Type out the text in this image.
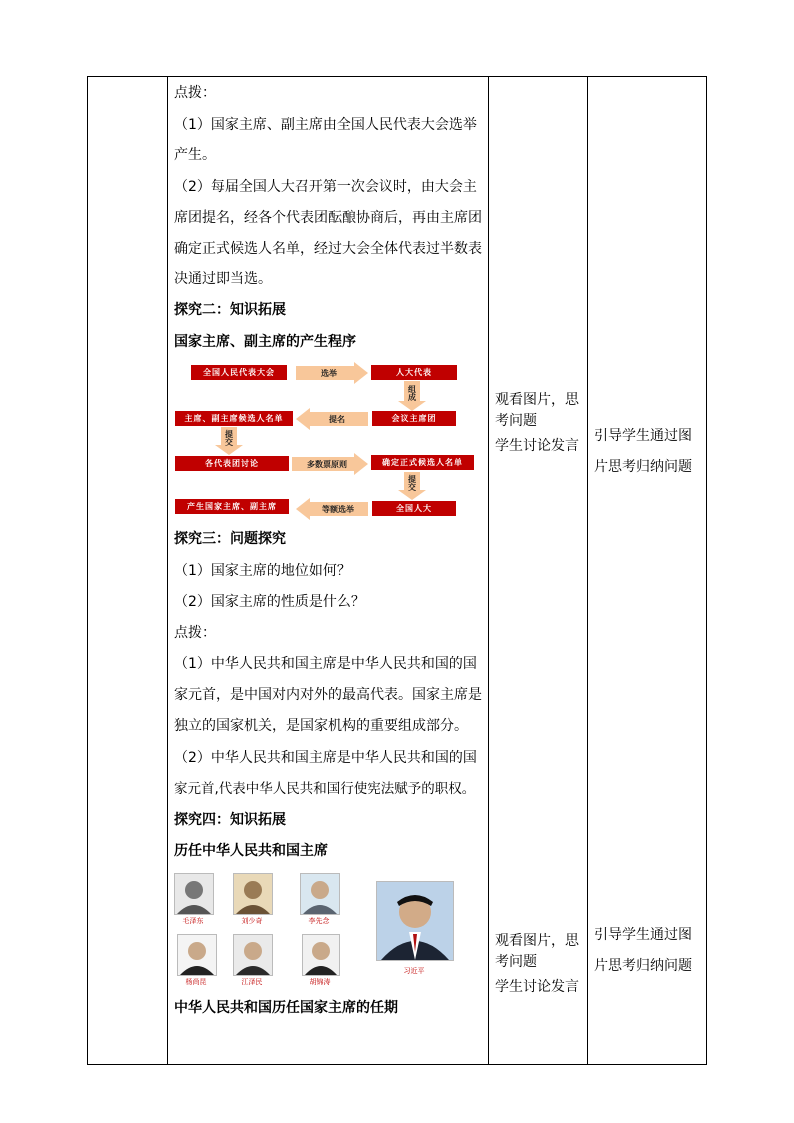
点拨：
（1）国家主席、副主席由全国人民代表大会选举
产生。
（2）每届全国人大召开第一次会议时，由大会主
席团提名，经各个代表团酝酿协商后，再由主席团
确定正式候选人名单，经过大会全体代表过半数表
决通过即当选。
探究二：知识拓展
国家主席、副主席的产生程序
全国人民代表大会	选举	人大代表
组成
会议主席团
提名
主席、副主席候选人名单
提交
各代表团讨论	多数票原则	确定正式候选人名单
提交
全国人大
等额选举
产生国家主席、副主席
探究三：问题探究
（1）国家主席的地位如何？
（2）国家主席的性质是什么？
点拨：
（1）中华人民共和国主席是中华人民共和国的国
家元首，是中国对内对外的最高代表。国家主席是
独立的国家机关，是国家机构的重要组成部分。
（2）中华人民共和国主席是中华人民共和国的国
家元首,代表中华人民共和国行使宪法赋予的职权。
探究四：知识拓展
历任中华人民共和国主席
毛泽东	刘少奇	李先念
杨尚昆	江泽民	胡锦涛
习近平
中华人民共和国历任国家主席的任期
观看图片，思
考问题
学生讨论发言
观看图片，思
考问题
学生讨论发言
引导学生通过图
片思考归纳问题
引导学生通过图
片思考归纳问题
